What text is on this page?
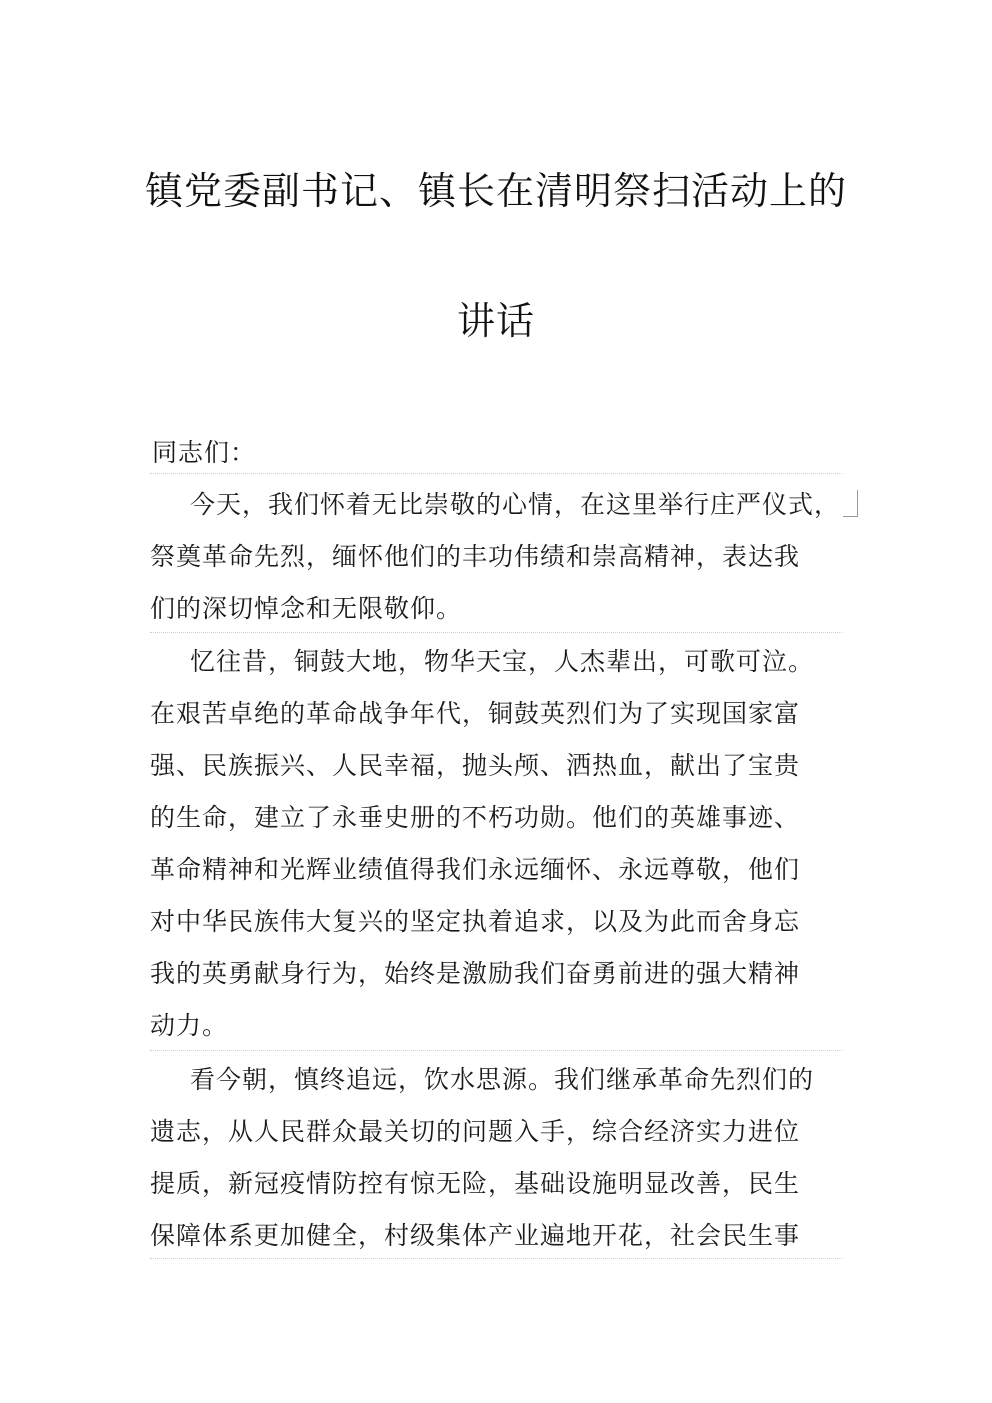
镇党委副书记、镇长在清明祭扫活动上的
讲话
同志们：
今天，我们怀着无比崇敬的心情，在这里举行庄严仪式，
祭奠革命先烈，缅怀他们的丰功伟绩和崇高精神，表达我
们的深切悼念和无限敬仰。
忆往昔，铜鼓大地，物华天宝，人杰辈出，可歌可泣。
在艰苦卓绝的革命战争年代，铜鼓英烈们为了实现国家富
强、民族振兴、人民幸福，抛头颅、洒热血，献出了宝贵
的生命，建立了永垂史册的不朽功勋。他们的英雄事迹、
革命精神和光辉业绩值得我们永远缅怀、永远尊敬，他们
对中华民族伟大复兴的坚定执着追求，以及为此而舍身忘
我的英勇献身行为，始终是激励我们奋勇前进的强大精神
动力。
看今朝，慎终追远，饮水思源。我们继承革命先烈们的
遗志，从人民群众最关切的问题入手，综合经济实力进位
提质，新冠疫情防控有惊无险，基础设施明显改善，民生
保障体系更加健全，村级集体产业遍地开花，社会民生事
